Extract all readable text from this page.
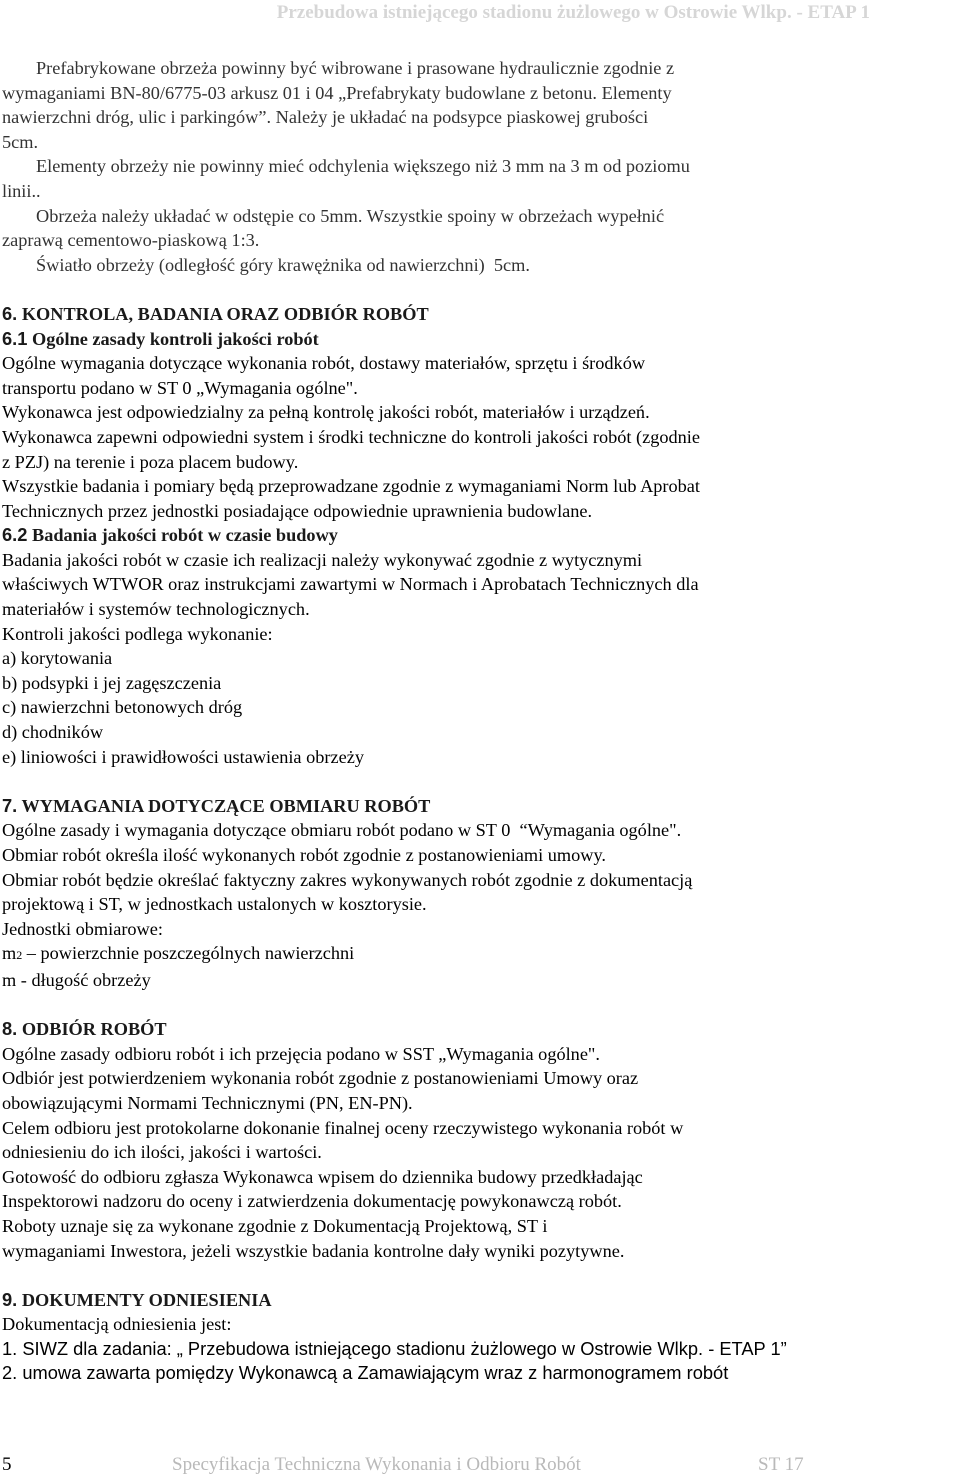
Przebudowa istniejącego stadionu żużlowego w Ostrowie Wlkp. - ETAP 1

Prefabrykowane obrzeża powinny być wibrowane i prasowane hydraulicznie zgodnie z

wymaganiami BN-80/6775-03 arkusz 01 i 04 „Prefabrykaty budowlane z betonu. Elementy

nawierzchni dróg, ulic i parkingów”. Należy je układać na podsypce piaskowej grubości

5cm.

Elementy obrzeży nie powinny mieć odchylenia większego niż 3 mm na 3 m od poziomu

linii..

Obrzeża należy układać w odstępie co 5mm. Wszystkie spoiny w obrzeżach wypełnić

zaprawą cementowo-piaskową 1:3.

Światło obrzeży (odległość góry krawężnika od nawierzchni)  5cm.

6. KONTROLA, BADANIA ORAZ ODBIÓR ROBÓT

6.1 Ogólne zasady kontroli jakości robót

Ogólne wymagania dotyczące wykonania robót, dostawy materiałów, sprzętu i środków

transportu podano w ST 0 „Wymagania ogólne".

Wykonawca jest odpowiedzialny za pełną kontrolę jakości robót, materiałów i urządzeń.

Wykonawca zapewni odpowiedni system i środki techniczne do kontroli jakości robót (zgodnie

z PZJ) na terenie i poza placem budowy.

Wszystkie badania i pomiary będą przeprowadzane zgodnie z wymaganiami Norm lub Aprobat

Technicznych przez jednostki posiadające odpowiednie uprawnienia budowlane.

6.2 Badania jakości robót w czasie budowy

Badania jakości robót w czasie ich realizacji należy wykonywać zgodnie z wytycznymi

właściwych WTWOR oraz instrukcjami zawartymi w Normach i Aprobatach Technicznych dla

materiałów i systemów technologicznych.

Kontroli jakości podlega wykonanie:

a) korytowania

b) podsypki i jej zagęszczenia

c) nawierzchni betonowych dróg

d) chodników

e) liniowości i prawidłowości ustawienia obrzeży

7. WYMAGANIA DOTYCZĄCE OBMIARU ROBÓT

Ogólne zasady i wymagania dotyczące obmiaru robót podano w ST 0  “Wymagania ogólne".

Obmiar robót określa ilość wykonanych robót zgodnie z postanowieniami umowy.

Obmiar robót będzie określać faktyczny zakres wykonywanych robót zgodnie z dokumentacją

projektową i ST, w jednostkach ustalonych w kosztorysie.

Jednostki obmiarowe:

m2 – powierzchnie poszczególnych nawierzchni

m - długość obrzeży

8. ODBIÓR ROBÓT

Ogólne zasady odbioru robót i ich przejęcia podano w SST „Wymagania ogólne".

Odbiór jest potwierdzeniem wykonania robót zgodnie z postanowieniami Umowy oraz

obowiązującymi Normami Technicznymi (PN, EN-PN).

Celem odbioru jest protokolarne dokonanie finalnej oceny rzeczywistego wykonania robót w

odniesieniu do ich ilości, jakości i wartości.

Gotowość do odbioru zgłasza Wykonawca wpisem do dziennika budowy przedkładając

Inspektorowi nadzoru do oceny i zatwierdzenia dokumentację powykonawczą robót.

Roboty uznaje się za wykonane zgodnie z Dokumentacją Projektową, ST i

wymaganiami Inwestora, jeżeli wszystkie badania kontrolne dały wyniki pozytywne.

9. DOKUMENTY ODNIESIENIA

Dokumentacją odniesienia jest:

1. SIWZ dla zadania: „ Przebudowa istniejącego stadionu żużlowego w Ostrowie Wlkp. - ETAP 1”

2. umowa zawarta pomiędzy Wykonawcą a Zamawiającym wraz z harmonogramem robót

5	Specyfikacja Techniczna Wykonania i Odbioru Robót	ST 17
